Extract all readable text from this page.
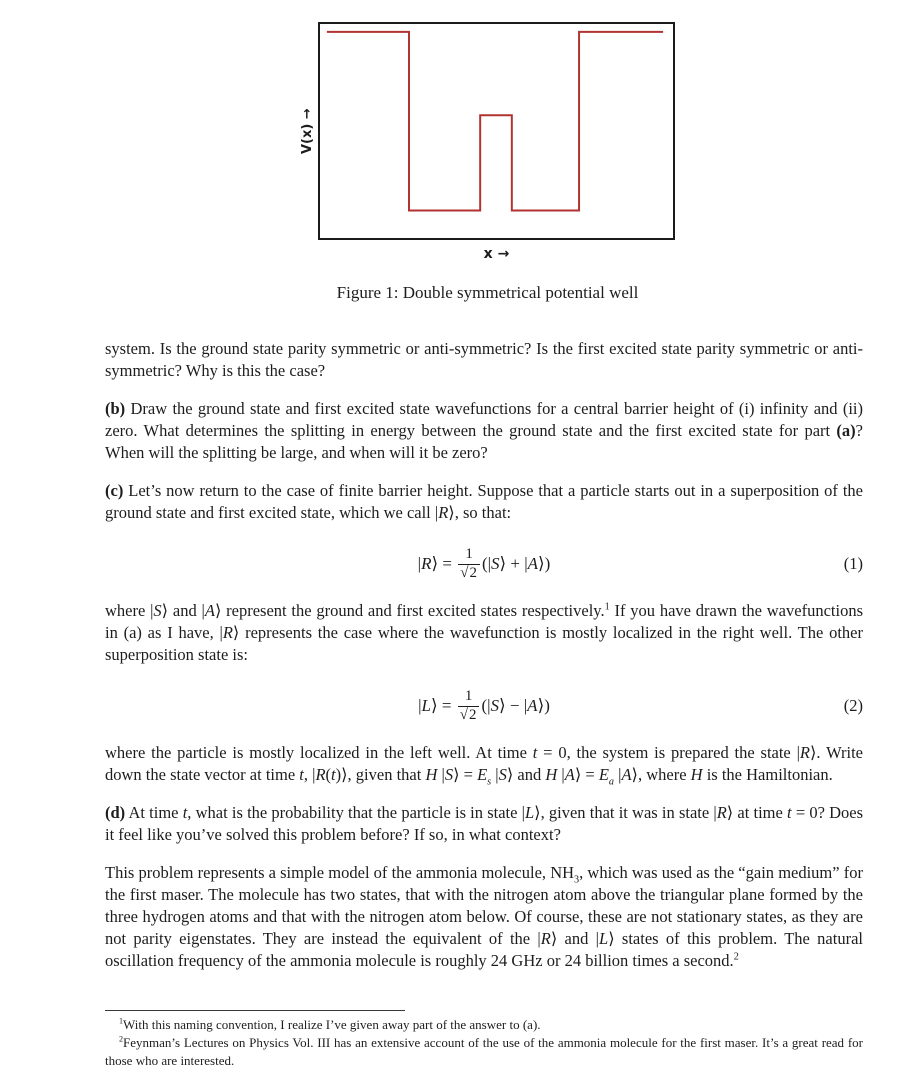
V(x) →
x →
Figure 1: Double symmetrical potential well

system. Is the ground state parity symmetric or anti-symmetric? Is the first excited state parity symmetric or anti-symmetric? Why is this the case?

(b) Draw the ground state and first excited state wavefunctions for a central barrier height of (i) infinity and (ii) zero. What determines the splitting in energy between the ground state and the first excited state for part (a)? When will the splitting be large, and when will it be zero?

(c) Let’s now return to the case of finite barrier height. Suppose that a particle starts out in a superposition of the ground state and first excited state, which we call |R⟩, so that:

|R⟩ = $\frac{1}{√2}$ (|S⟩ + |A⟩)	(1)

where |S⟩ and |A⟩ represent the ground and first excited states respectively.$^1$ If you have drawn the wavefunctions in (a) as I have, |R⟩ represents the case where the wavefunction is mostly localized in the right well. The other superposition state is:

|L⟩ = $\frac{1}{√2}$ (|S⟩ − |A⟩)	(2)

where the particle is mostly localized in the left well. At time t = 0, the system is prepared the state |R⟩. Write down the state vector at time t, |R(t)⟩, given that H |S⟩ = $E_s$ |S⟩ and H |A⟩ = $E_a$ |A⟩, where H is the Hamiltonian.

(d) At time t, what is the probability that the particle is in state |L⟩, given that it was in state |R⟩ at time t = 0? Does it feel like you’ve solved this problem before? If so, in what context?

This problem represents a simple model of the ammonia molecule, $NH_3$, which was used as the “gain medium” for the first maser. The molecule has two states, that with the nitrogen atom above the triangular plane formed by the three hydrogen atoms and that with the nitrogen atom below. Of course, these are not stationary states, as they are not parity eigenstates. They are instead the equivalent of the |R⟩ and |L⟩ states of this problem. The natural oscillation frequency of the ammonia molecule is roughly 24 GHz or 24 billion times a second.$^2$

$^1$With this naming convention, I realize I’ve given away part of the answer to (a).

$^2$Feynman’s Lectures on Physics Vol. III has an extensive account of the use of the ammonia molecule for the first maser. It’s a great read for those who are interested.
